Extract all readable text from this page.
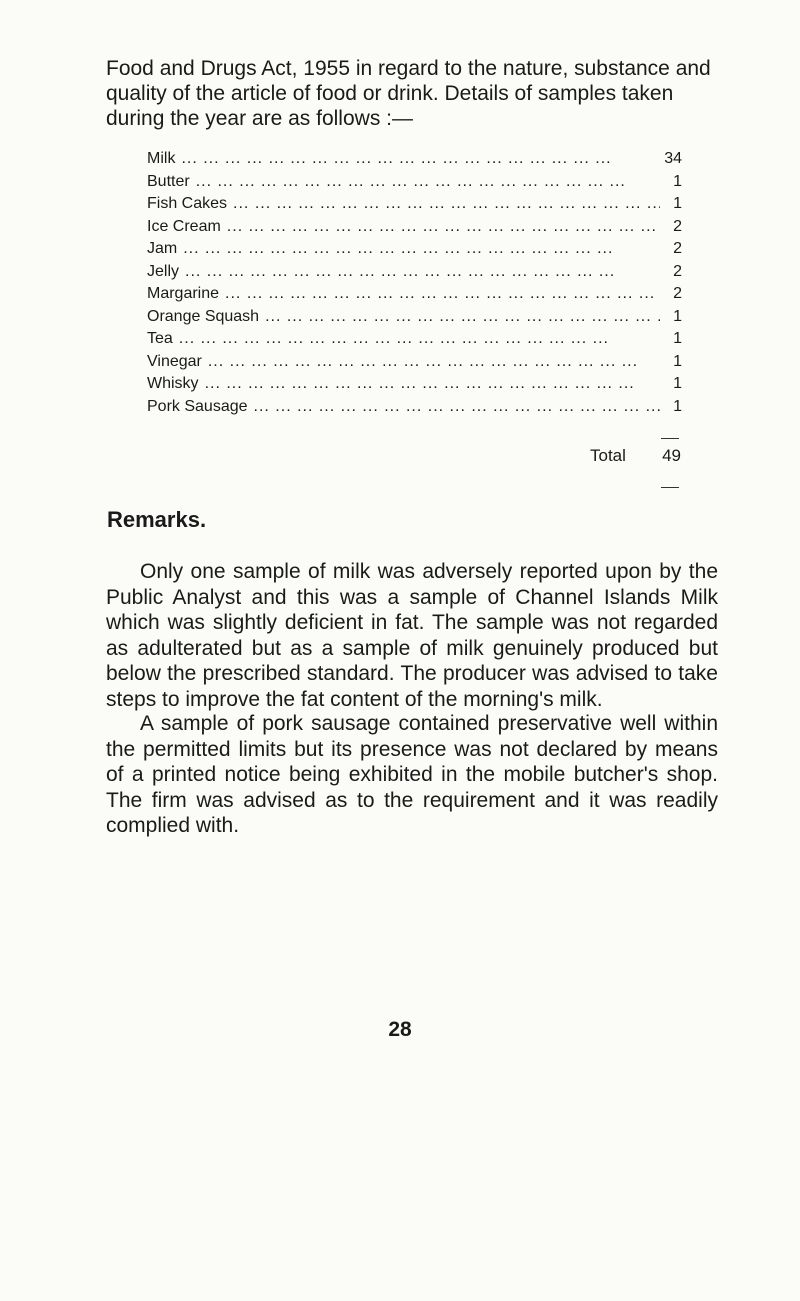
Food and Drugs Act, 1955 in regard to the nature, substance and quality of the article of food or drink. Details of samples taken during the year are as follows :—

Milk ... .	34
Butter ... .	1
Fish Cakes ... .	1
Ice Cream ... .	2
Jam ... .	2
Jelly ... .	2
Margarine ... .	2
Orange Squash ... .	1
Tea ... .	1
Vinegar ... .	1
Whisky ... .	1
Pork Sausage ... .	1
Total	49
Remarks.

Only one sample of milk was adversely reported upon by the Public Analyst and this was a sample of Channel Islands Milk which was slightly deficient in fat. The sample was not regarded as adulterated but as a sample of milk genuinely produced but below the prescribed standard. The producer was advised to take steps to improve the fat content of the morning's milk.

A sample of pork sausage contained preservative well within the permitted limits but its presence was not declared by means of a printed notice being exhibited in the mobile butcher's shop. The firm was advised as to the requirement and it was readily complied with.

28
